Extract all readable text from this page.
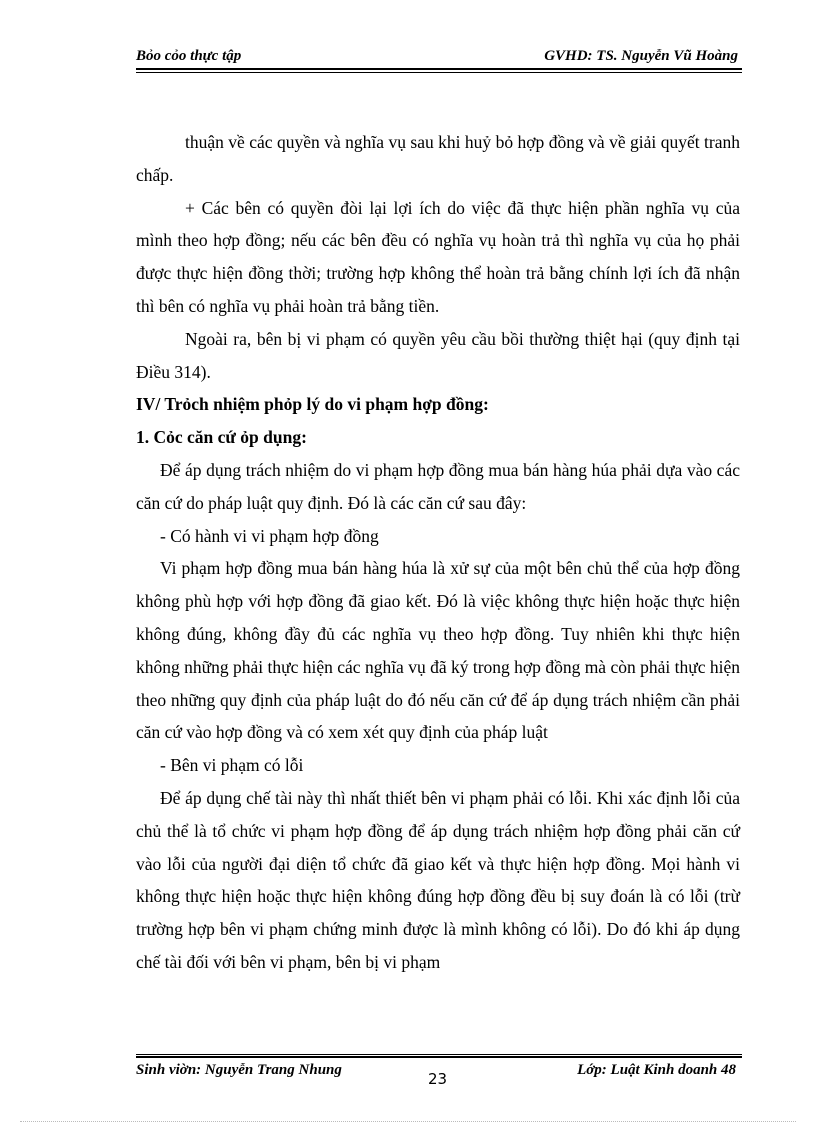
Bỏo cỏo thực tập	GVHD: TS. Nguyễn Vũ Hoàng

thuận về các quyền và nghĩa vụ sau khi huỷ bỏ hợp đồng và về giải quyết tranh chấp.

+ Các bên có quyền đòi lại lợi ích do việc đã thực hiện phần nghĩa vụ của mình theo hợp đồng; nếu các bên đều có nghĩa vụ hoàn trả thì nghĩa vụ của họ phải được thực hiện đồng thời; trường hợp không thể hoàn trả bằng chính lợi ích đã nhận thì bên có nghĩa vụ phải hoàn trả bằng tiền.

Ngoài ra, bên bị vi phạm có quyền yêu cầu bồi thường thiệt hại (quy định tại Điều 314).

IV/ Trỏch nhiệm phỏp lý do vi phạm hợp đồng:

1. Cỏc căn cứ ỏp dụng:

Để áp dụng trách nhiệm do vi phạm hợp đồng mua bán hàng húa phải dựa vào các căn cứ do pháp luật quy định. Đó là các căn cứ sau đây:

- Có hành vi vi phạm hợp đồng

Vi phạm hợp đồng mua bán hàng húa là xử sự của một bên chủ thể của hợp đồng không phù hợp với hợp đồng đã giao kết. Đó là việc không thực hiện hoặc thực hiện không đúng, không đầy đủ các nghĩa vụ theo hợp đồng. Tuy nhiên khi thực hiện không những phải thực hiện các nghĩa vụ đã ký trong hợp đồng mà còn phải thực hiện theo những quy định của pháp luật do đó nếu căn cứ để áp dụng trách nhiệm cần phải căn cứ vào hợp đồng và có xem xét quy định của pháp luật

- Bên vi phạm có lỗi

Để áp dụng chế tài này thì nhất thiết bên vi phạm phải có lỗi. Khi xác định lỗi của chủ thể là tổ chức vi phạm hợp đồng để áp dụng trách nhiệm hợp đồng phải căn cứ vào lỗi của người đại diện tổ chức đã giao kết và thực hiện hợp đồng. Mọi hành vi không thực hiện hoặc thực hiện không đúng hợp đồng đều bị suy đoán là có lỗi (trừ trường hợp bên vi phạm chứng minh được là mình không có lỗi). Do đó khi áp dụng chế tài đối với bên vi phạm, bên bị vi phạm

Sinh viờn: Nguyễn Trang Nhung	23	Lớp: Luật Kinh doanh 48
